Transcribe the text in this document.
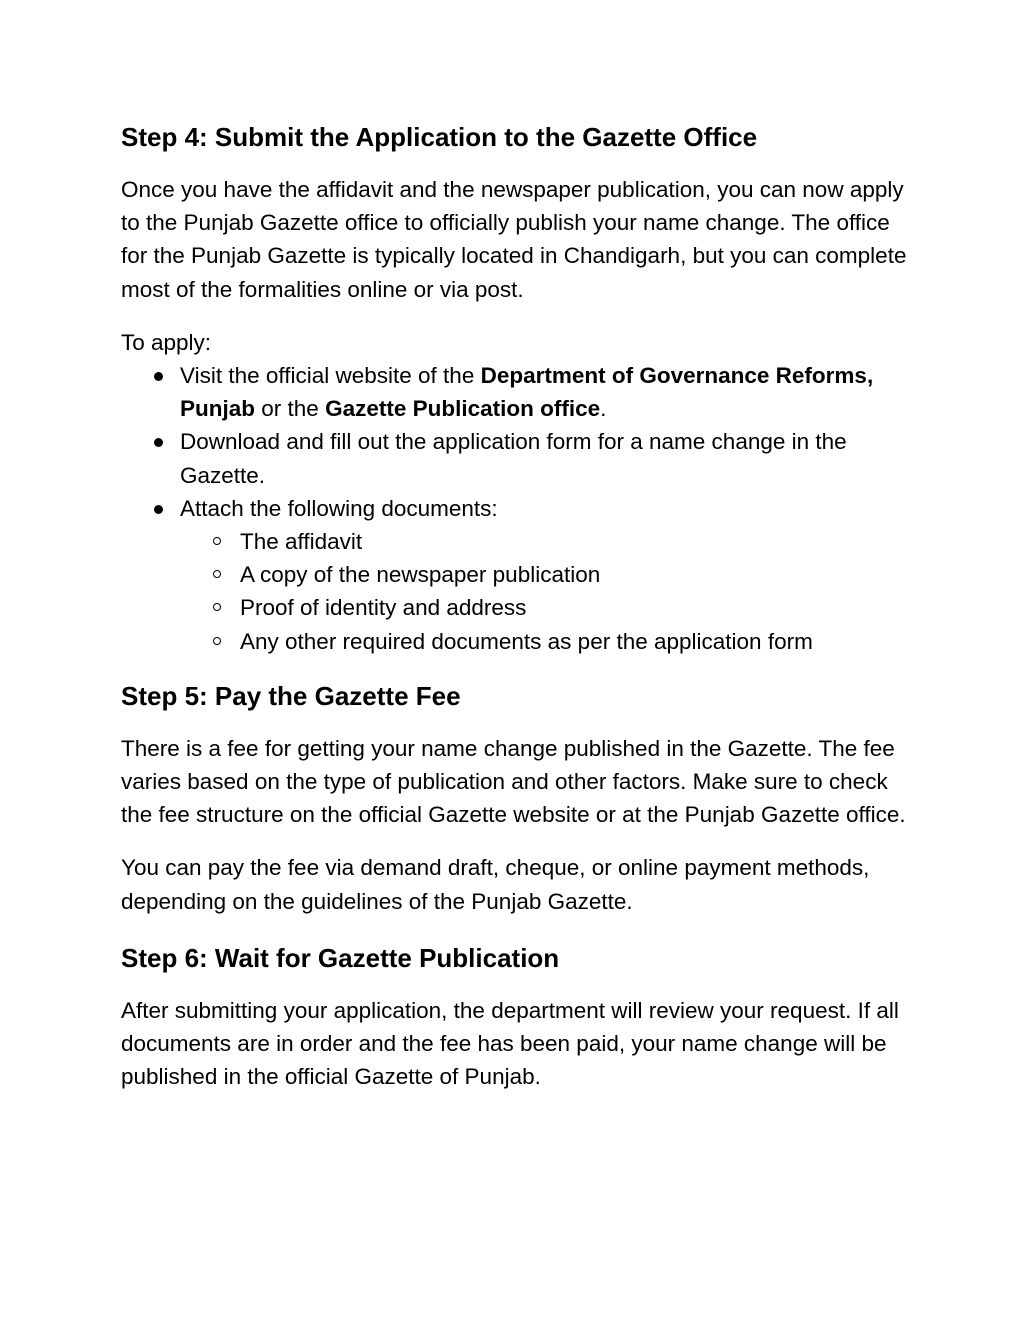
Step 4: Submit the Application to the Gazette Office

Once you have the affidavit and the newspaper publication, you can now apply to the Punjab Gazette office to officially publish your name change. The office for the Punjab Gazette is typically located in Chandigarh, but you can complete most of the formalities online or via post.

To apply:

Visit the official website of the Department of Governance Reforms, Punjab or the Gazette Publication office.
Download and fill out the application form for a name change in the Gazette.
Attach the following documents:
The affidavit
A copy of the newspaper publication
Proof of identity and address
Any other required documents as per the application form
Step 5: Pay the Gazette Fee

There is a fee for getting your name change published in the Gazette. The fee varies based on the type of publication and other factors. Make sure to check the fee structure on the official Gazette website or at the Punjab Gazette office.

You can pay the fee via demand draft, cheque, or online payment methods, depending on the guidelines of the Punjab Gazette.

Step 6: Wait for Gazette Publication

After submitting your application, the department will review your request. If all documents are in order and the fee has been paid, your name change will be published in the official Gazette of Punjab.
